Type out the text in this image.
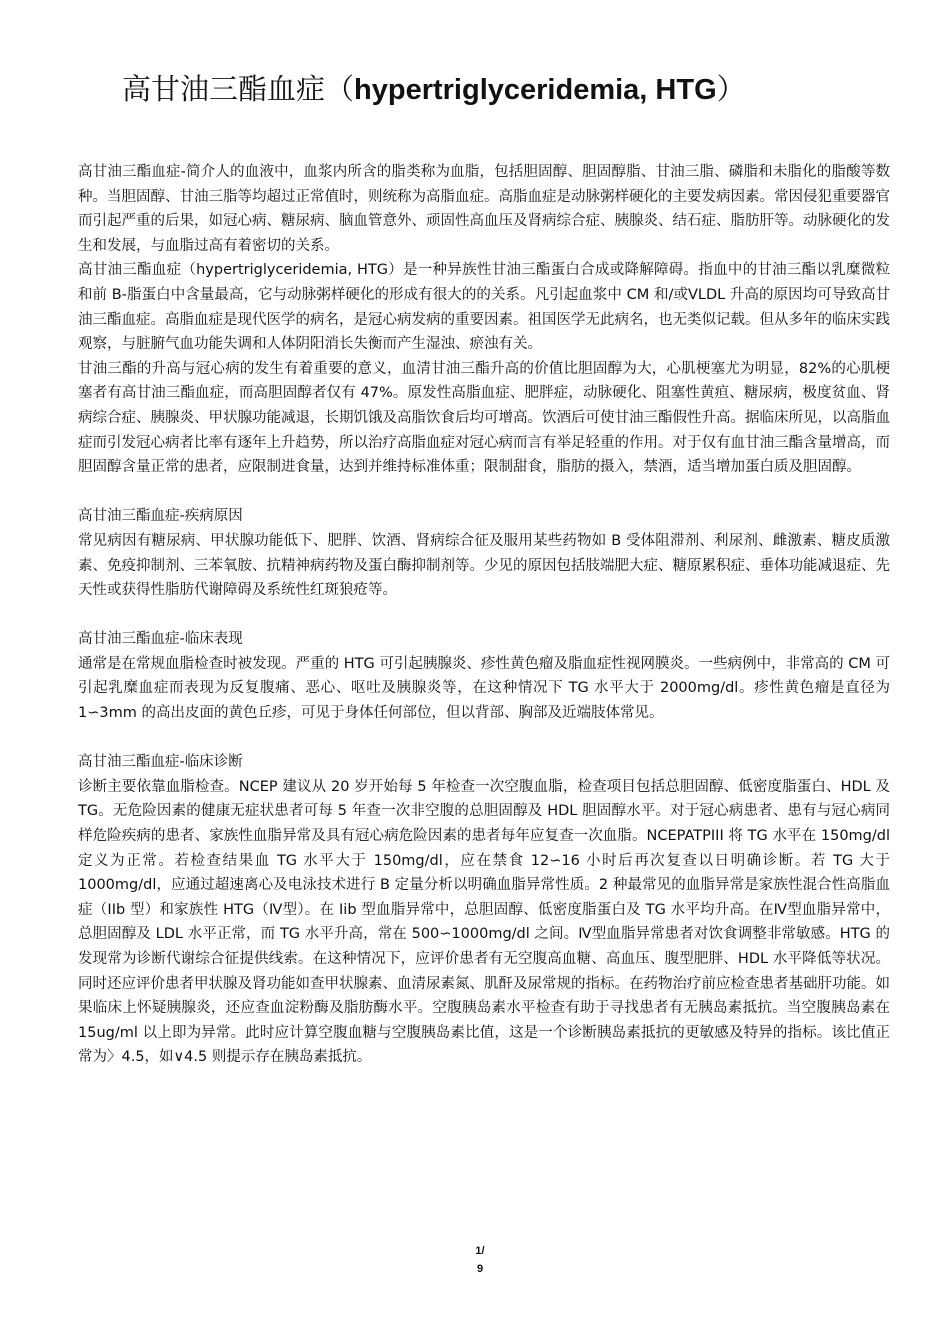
高甘油三酯血症（hypertriglyceridemia, HTG）

高甘油三酯血症-简介人的血液中，血浆内所含的脂类称为血脂，包括胆固醇、胆固醇脂、甘油三脂、磷脂和未脂化的脂酸等数种。当胆固醇、甘油三脂等均超过正常值时，则统称为高脂血症。高脂血症是动脉粥样硬化的主要发病因素。常因侵犯重要器官而引起严重的后果，如冠心病、糖尿病、脑血管意外、顽固性高血压及肾病综合症、胰腺炎、结石症、脂肪肝等。动脉硬化的发生和发展，与血脂过高有着密切的关系。

高甘油三酯血症（hypertriglyceridemia, HTG）是一种异族性甘油三酯蛋白合成或降解障碍。指血中的甘油三酯以乳糜微粒和前 B-脂蛋白中含量最高，它与动脉粥样硬化的形成有很大的的关系。凡引起血浆中 CM 和/或VLDL 升高的原因均可导致高甘油三酯血症。高脂血症是现代医学的病名，是冠心病发病的重要因素。祖国医学无此病名，也无类似记载。但从多年的临床实践观察，与脏腑气血功能失调和人体阴阳消长失衡而产生湿浊、瘀浊有关。

甘油三酯的升高与冠心病的发生有着重要的意义，血清甘油三酯升高的价值比胆固醇为大，心肌梗塞尤为明显，82%的心肌梗塞者有高甘油三酯血症，而高胆固醇者仅有 47%。原发性高脂血症、肥胖症，动脉硬化、阻塞性黄疸、糖尿病，极度贫血、肾病综合症、胰腺炎、甲状腺功能减退，长期饥饿及高脂饮食后均可增高。饮酒后可使甘油三酯假性升高。据临床所见，以高脂血症而引发冠心病者比率有逐年上升趋势，所以治疗高脂血症对冠心病而言有举足轻重的作用。对于仅有血甘油三酯含量增高，而胆固醇含量正常的患者，应限制进食量，达到并维持标准体重；限制甜食，脂肪的摄入，禁酒，适当增加蛋白质及胆固醇。

高甘油三酯血症-疾病原因

常见病因有糖尿病、甲状腺功能低下、肥胖、饮酒、肾病综合征及服用某些药物如 B 受体阻滞剂、利尿剂、雌激素、糖皮质激素、免疫抑制剂、三苯氧胺、抗精神病药物及蛋白酶抑制剂等。少见的原因包括肢端肥大症、糖原累积症、垂体功能减退症、先天性或获得性脂肪代谢障碍及系统性红斑狼疮等。

高甘油三酯血症-临床表现

通常是在常规血脂检查时被发现。严重的 HTG 可引起胰腺炎、疹性黄色瘤及脂血症性视网膜炎。一些病例中，非常高的 CM 可引起乳糜血症而表现为反复腹痛、恶心、呕吐及胰腺炎等，在这种情况下 TG 水平大于 2000mg/dl。疹性黄色瘤是直径为 1∽3mm 的高出皮面的黄色丘疹，可见于身体任何部位，但以背部、胸部及近端肢体常见。

高甘油三酯血症-临床诊断

诊断主要依靠血脂检查。NCEP 建议从 20 岁开始每 5 年检查一次空腹血脂，检查项目包括总胆固醇、低密度脂蛋白、HDL 及 TG。无危险因素的健康无症状患者可每 5 年查一次非空腹的总胆固醇及 HDL 胆固醇水平。对于冠心病患者、患有与冠心病同样危险疾病的患者、家族性血脂异常及具有冠心病危险因素的患者每年应复查一次血脂。NCEPATPIII 将 TG 水平在 150mg/dl 定义为正常。若检查结果血 TG 水平大于 150mg/dl，应在禁食 12∽16 小时后再次复查以日明确诊断。若 TG 大于 1000mg/dl，应通过超速离心及电泳技术进行 B 定量分析以明确血脂异常性质。2 种最常见的血脂异常是家族性混合性高脂血症（IIb 型）和家族性 HTG（Ⅳ型）。在 Iib 型血脂异常中，总胆固醇、低密度脂蛋白及 TG 水平均升高。在Ⅳ型血脂异常中，总胆固醇及 LDL 水平正常，而 TG 水平升高，常在 500∽1000mg/dl 之间。Ⅳ型血脂异常患者对饮食调整非常敏感。HTG 的发现常为诊断代谢综合征提供线索。在这种情况下，应评价患者有无空腹高血糖、高血压、腹型肥胖、HDL 水平降低等状况。同时还应评价患者甲状腺及肾功能如查甲状腺素、血清尿素氮、肌酐及尿常规的指标。在药物治疗前应检查患者基础肝功能。如果临床上怀疑胰腺炎，还应查血淀粉酶及脂肪酶水平。空腹胰岛素水平检查有助于寻找患者有无胰岛素抵抗。当空腹胰岛素在 15ug/ml 以上即为异常。此时应计算空腹血糖与空腹胰岛素比值，这是一个诊断胰岛素抵抗的更敏感及特异的指标。该比值正常为〉4.5，如∨4.5 则提示存在胰岛素抵抗。

1/
9
